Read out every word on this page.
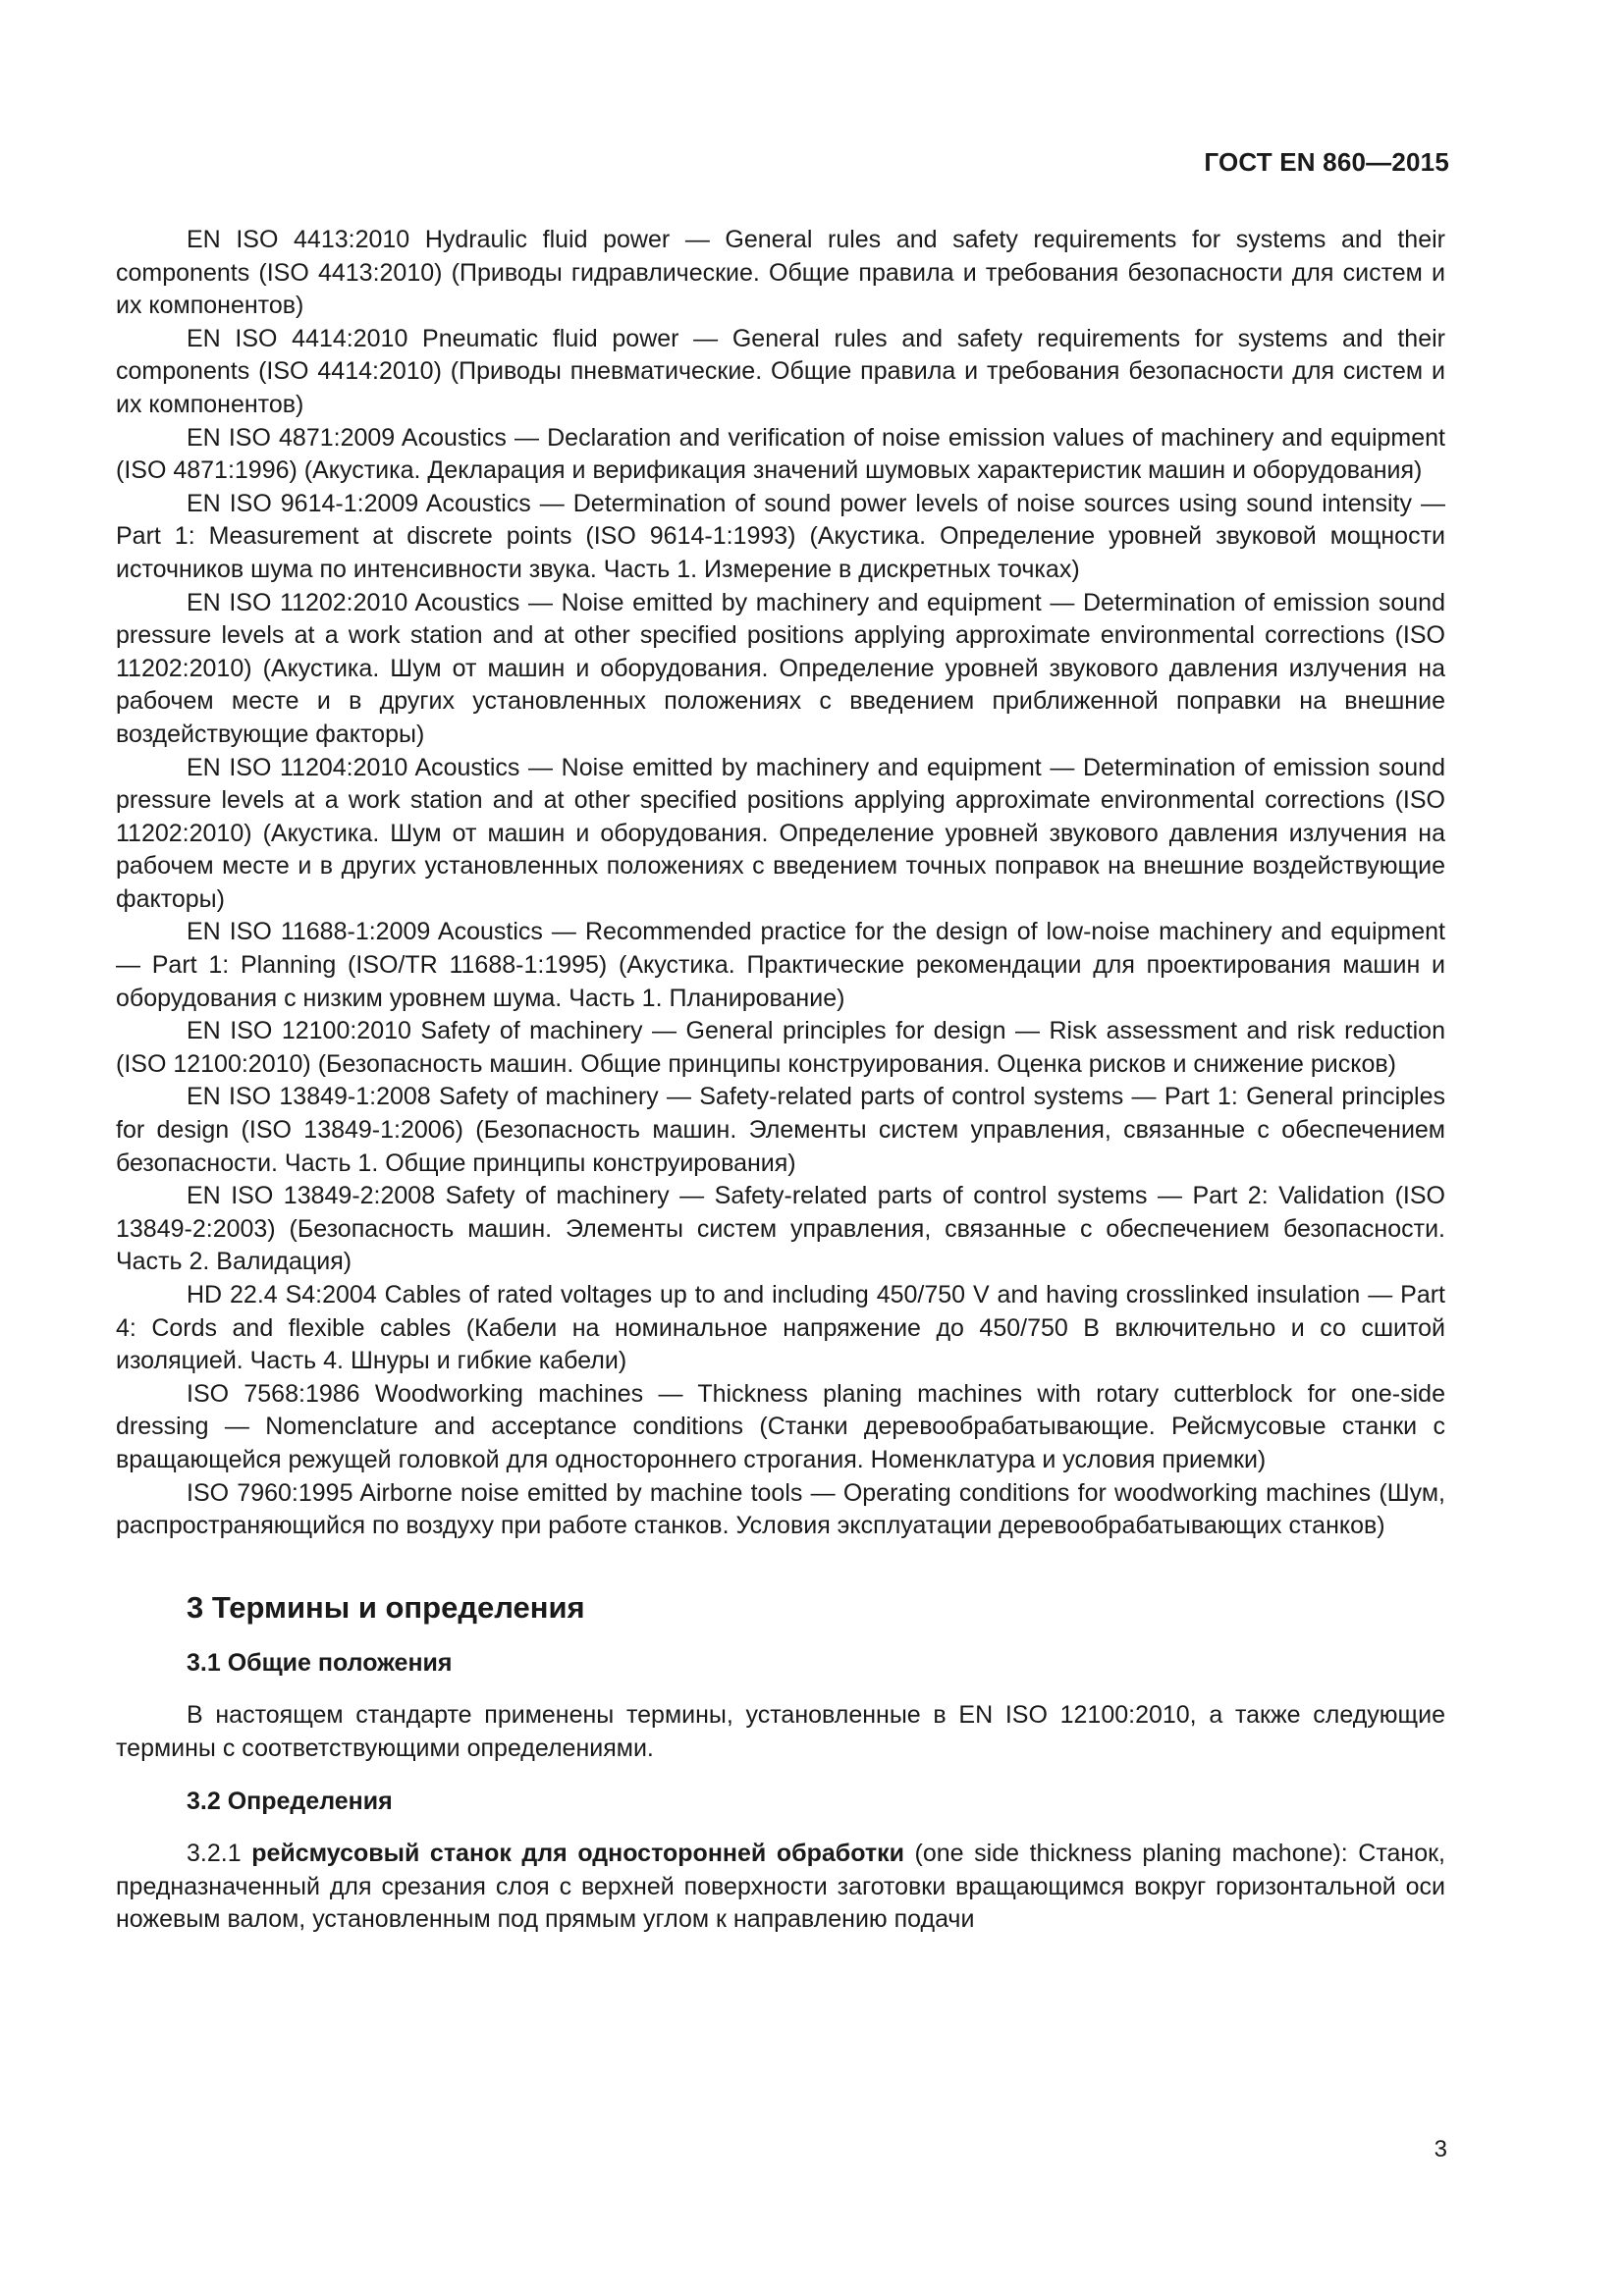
ГОСТ EN 860—2015

EN ISO 4413:2010 Hydraulic fluid power — General rules and safety requirements for systems and their components (ISO 4413:2010) (Приводы гидравлические. Общие правила и требования безопасности для систем и их компонентов)

EN ISO 4414:2010 Pneumatic fluid power — General rules and safety requirements for systems and their components (ISO 4414:2010) (Приводы пневматические. Общие правила и требования безопасности для систем и их компонентов)

EN ISO 4871:2009 Acoustics — Declaration and verification of noise emission values of machinery and equipment (ISO 4871:1996) (Акустика. Декларация и верификация значений шумовых характеристик машин и оборудования)

EN ISO 9614-1:2009 Acoustics — Determination of sound power levels of noise sources using sound intensity — Part 1: Measurement at discrete points (ISO 9614-1:1993) (Акустика. Определение уровней звуковой мощности источников шума по интенсивности звука. Часть 1. Измерение в дискретных точках)

EN ISO 11202:2010 Acoustics — Noise emitted by machinery and equipment — Determination of emission sound pressure levels at a work station and at other specified positions applying approximate environmental corrections (ISO 11202:2010) (Акустика. Шум от машин и оборудования. Определение уровней звукового давления излучения на рабочем месте и в других установленных положениях с введением приближенной поправки на внешние воздействующие факторы)

EN ISO 11204:2010 Acoustics — Noise emitted by machinery and equipment — Determination of emission sound pressure levels at a work station and at other specified positions applying approximate environmental corrections (ISO 11202:2010) (Акустика. Шум от машин и оборудования. Определение уровней звукового давления излучения на рабочем месте и в других установленных положениях с введением точных поправок на внешние воздействующие факторы)

EN ISO 11688-1:2009 Acoustics — Recommended practice for the design of low-noise machinery and equipment — Part 1: Planning (ISO/TR 11688-1:1995) (Акустика. Практические рекомендации для проектирования машин и оборудования с низким уровнем шума. Часть 1. Планирование)

EN ISO 12100:2010 Safety of machinery — General principles for design — Risk assessment and risk reduction (ISO 12100:2010) (Безопасность машин. Общие принципы конструирования. Оценка рисков и снижение рисков)

EN ISO 13849-1:2008 Safety of machinery — Safety-related parts of control systems — Part 1: General principles for design (ISO 13849-1:2006) (Безопасность машин. Элементы систем управления, связанные с обеспечением безопасности. Часть 1. Общие принципы конструирования)

EN ISO 13849-2:2008 Safety of machinery — Safety-related parts of control systems — Part 2: Validation (ISO 13849-2:2003) (Безопасность машин. Элементы систем управления, связанные с обеспечением безопасности. Часть 2. Валидация)

HD 22.4 S4:2004 Cables of rated voltages up to and including 450/750 V and having crosslinked insulation — Part 4: Cords and flexible cables (Кабели на номинальное напряжение до 450/750 В включительно и со сшитой изоляцией. Часть 4. Шнуры и гибкие кабели)

ISO 7568:1986 Woodworking machines — Thickness planing machines with rotary cutterblock for one-side dressing — Nomenclature and acceptance conditions (Станки деревообрабатывающие. Рейсмусовые станки с вращающейся режущей головкой для одностороннего строгания. Номенклатура и условия приемки)

ISO 7960:1995 Airborne noise emitted by machine tools — Operating conditions for woodworking machines (Шум, распространяющийся по воздуху при работе станков. Условия эксплуатации деревообрабатывающих станков)

3 Термины и определения
3.1 Общие положения

В настоящем стандарте применены термины, установленные в EN ISO 12100:2010, а также следующие термины с соответствующими определениями.

3.2 Определения

3.2.1 рейсмусовый станок для односторонней обработки (one side thickness planing machone): Станок, предназначенный для срезания слоя с верхней поверхности заготовки вращающимся вокруг горизонтальной оси ножевым валом, установленным под прямым углом к направлению подачи

3
